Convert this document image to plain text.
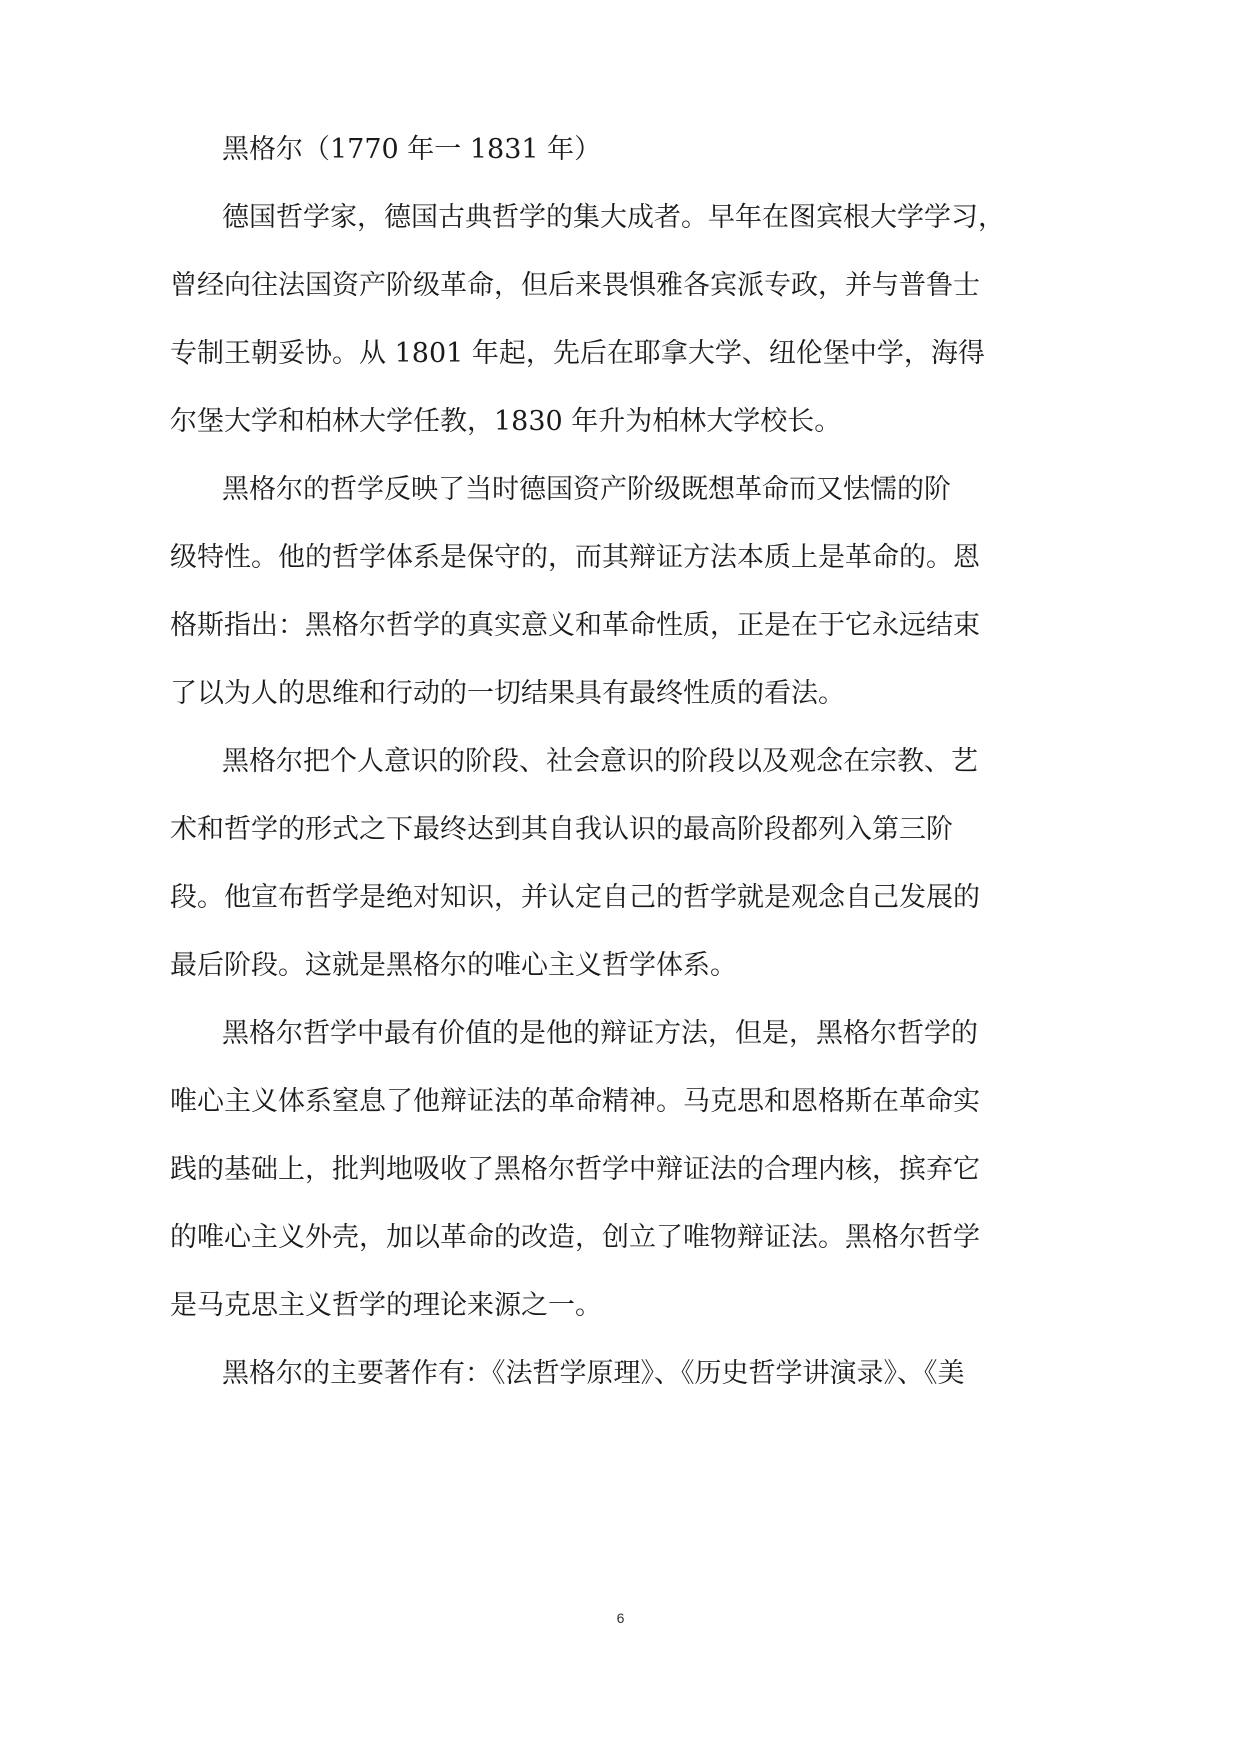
黑格尔（1770 年一 1831 年）
德国哲学家，德国古典哲学的集大成者。早年在图宾根大学学习，
曾经向往法国资产阶级革命，但后来畏惧雅各宾派专政，并与普鲁士
专制王朝妥协。从 1801 年起，先后在耶拿大学、纽伦堡中学，海得
尔堡大学和柏林大学任教，1830 年升为柏林大学校长。
黑格尔的哲学反映了当时德国资产阶级既想革命而又怯懦的阶
级特性。他的哲学体系是保守的，而其辩证方法本质上是革命的。恩
格斯指出：黑格尔哲学的真实意义和革命性质，正是在于它永远结束
了以为人的思维和行动的一切结果具有最终性质的看法。
黑格尔把个人意识的阶段、社会意识的阶段以及观念在宗教、艺
术和哲学的形式之下最终达到其自我认识的最高阶段都列入第三阶
段。他宣布哲学是绝对知识，并认定自己的哲学就是观念自己发展的
最后阶段。这就是黑格尔的唯心主义哲学体系。
黑格尔哲学中最有价值的是他的辩证方法，但是，黑格尔哲学的
唯心主义体系窒息了他辩证法的革命精神。马克思和恩格斯在革命实
践的基础上，批判地吸收了黑格尔哲学中辩证法的合理内核，摈弃它
的唯心主义外壳，加以革命的改造，创立了唯物辩证法。黑格尔哲学
是马克思主义哲学的理论来源之一。
黑格尔的主要著作有：《法哲学原理》、《历史哲学讲演录》、《美
6
